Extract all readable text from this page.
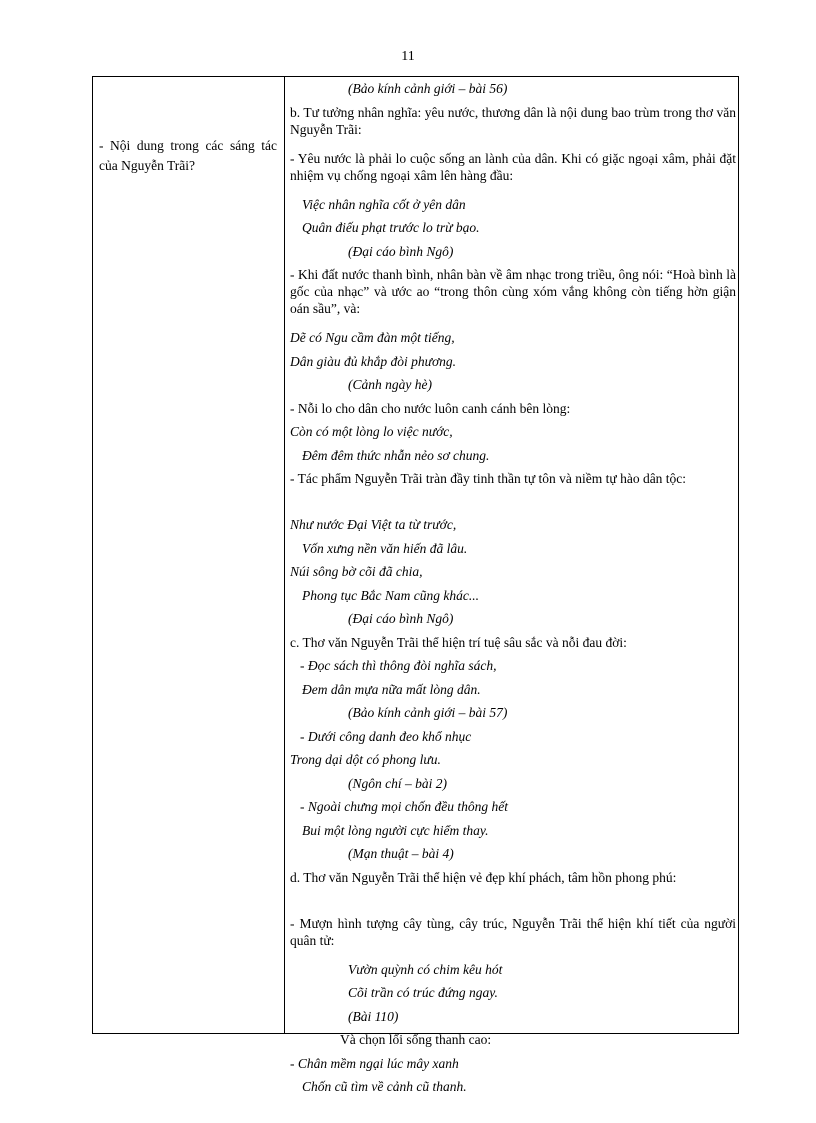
11
- Nội dung trong các sáng tác của Nguyễn Trãi?
(Bảo kính cảnh giới – bài 56)
b. Tư tưởng nhân nghĩa: yêu nước, thương dân là nội dung bao trùm trong thơ văn Nguyễn Trãi:
- Yêu nước là phải lo cuộc sống an lành của dân. Khi có giặc ngoại xâm, phải đặt nhiệm vụ chống ngoại xâm lên hàng đầu:
Việc nhân nghĩa cốt ở yên dân
Quân điếu phạt trước lo trừ bạo.
(Đại cáo bình Ngô)
- Khi đất nước thanh bình, nhân bàn về âm nhạc trong triều, ông nói: “Hoà bình là gốc của nhạc” và ước ao “trong thôn cùng xóm vắng không còn tiếng hờn giận oán sầu”, và:
Dẽ có Ngu cầm đàn một tiếng,
Dân giàu đủ khắp đòi phương.
(Cảnh ngày hè)
- Nỗi lo cho dân cho nước luôn canh cánh bên lòng:
Còn có một lòng lo việc nước,
Đêm đêm thức nhẫn nẻo sơ chung.
- Tác phẩm Nguyễn Trãi tràn đầy tinh thần tự tôn và niềm tự hào dân tộc:
Như nước Đại Việt ta từ trước,
Vốn xưng nền văn hiến đã lâu.
Núi sông bờ cõi đã chia,
Phong tục Bắc Nam cũng khác...
(Đại cáo bình Ngô)
c. Thơ văn Nguyễn Trãi thể hiện trí tuệ sâu sắc và nỗi đau đời:
- Đọc sách thì thông đòi nghĩa sách,
Đem dân mựa nữa mất lòng dân.
(Bảo kính cảnh giới – bài 57)
- Dưới công danh đeo khổ nhục
Trong dại dột có phong lưu.
(Ngôn chí – bài 2)
- Ngoài chưng mọi chốn đều thông hết
Bui một lòng người cực hiểm thay.
(Mạn thuật – bài 4)
d. Thơ văn Nguyễn Trãi thể hiện vẻ đẹp khí phách, tâm hồn phong phú:
- Mượn hình tượng cây tùng, cây trúc, Nguyễn Trãi thể hiện khí tiết của người quân tử:
Vườn quỳnh có chim kêu hót
Cõi trần có trúc đứng ngay.
(Bài 110)
Và chọn lối sống thanh cao:
- Chân mềm ngại lúc mây xanh
Chốn cũ tìm về cảnh cũ thanh.
